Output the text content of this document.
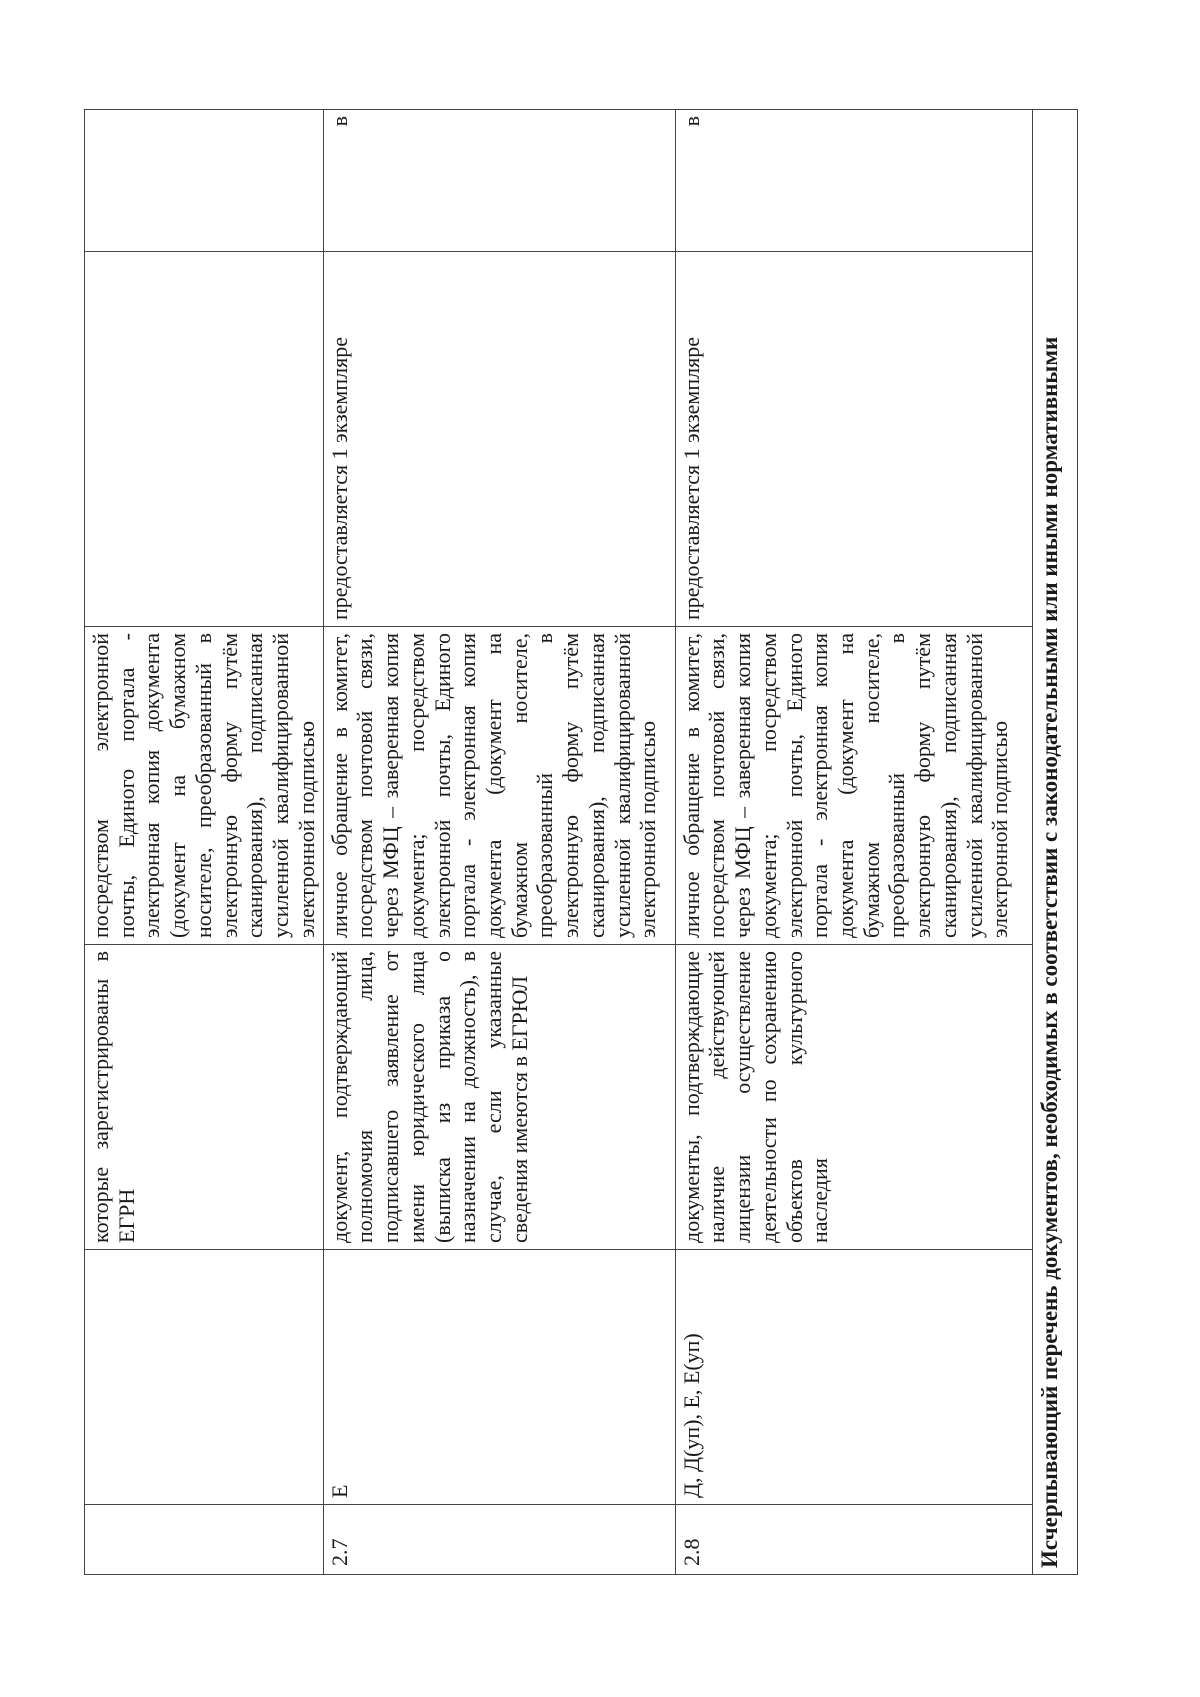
		которые зарегистрированы в ЕГРН	посредством электронной почты, Единого портала - электронная копия документа (документ на бумажном носителе, преобразованный в электронную форму путём сканирования), подписанная усиленной квалифицированной электронной подписью		
2.7	Е	документ, подтверждающий полномочия лица, подписавшего заявление от имени юридического лица (выписка из приказа о назначении на должность), в случае, если указанные сведения имеются в ЕГРЮЛ	личное обращение в комитет, посредством почтовой связи, через МФЦ – заверенная копия документа; посредством электронной почты, Единого портала - электронная копия документа (документ на бумажном носителе, преобразованный в электронную форму путём сканирования), подписанная усиленной квалифицированной электронной подписью	предоставляется 1 экземпляре	в
2.8	Д, Д(уп), Е, Е(уп)	документы, подтверждающие наличие действующей лицензии осуществление деятельности по сохранению объектов культурного наследия	личное обращение в комитет, посредством почтовой связи, через МФЦ – заверенная копия документа; посредством электронной почты, Единого портала - электронная копия документа (документ на бумажном носителе, преобразованный в электронную форму путём сканирования), подписанная усиленной квалифицированной электронной подписью	предоставляется 1 экземпляре	в
Исчерпывающий перечень документов, необходимых в соответствии с законодательными или иными нормативными					
